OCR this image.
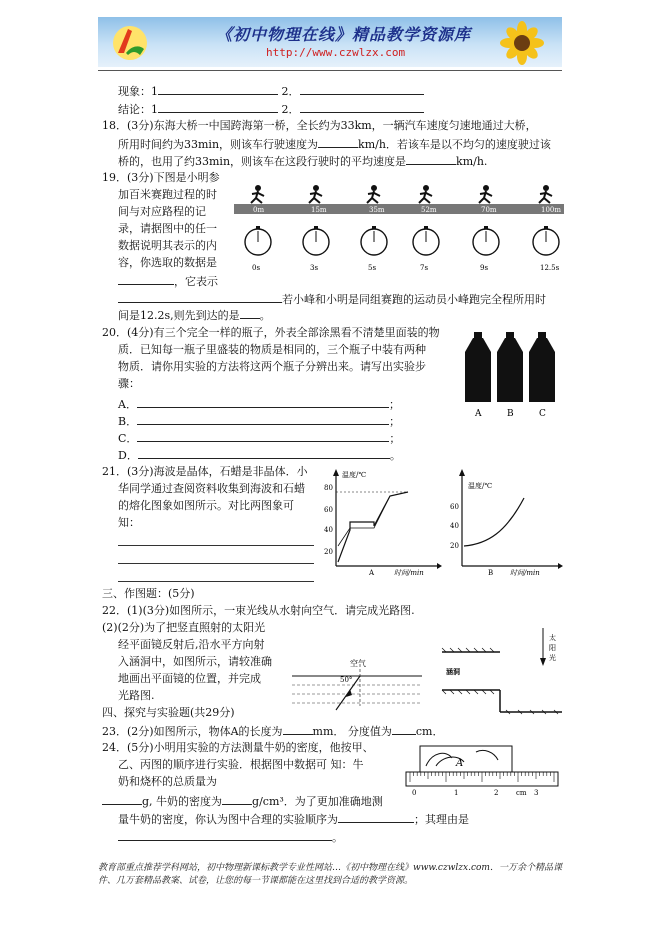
《初中物理在线》精品教学资源库
http://www.czwlzx.com
现象：1	2．
结论：1	2．
18．(3分)东海大桥一中国跨海第一桥，全长约为33km，一辆汽车速度匀速地通过大桥，
所用时间约为33min，则该车行驶速度为	km/h．若该车是以不均匀的速度驶过该
桥的，也用了约33min，则该车在这段行驶时的平均速度是	km/h.
19．(3分)下图是小明参
加百米赛跑过程的时
间与对应路程的记
录，请据图中的任一
数据说明其表示的内
容，你选取的数据是
，它表示
若小峰和小明是同组赛跑的运动员小峰跑完全程所用时
间是12.2s,则先到达的是 。
0m
0s
15m
3s
35m
5s
52m
7s
70m
9s
100m
12.5s
20．(4分)有三个完全一样的瓶子，外表全部涂黑看不清楚里面装的物
质．已知每一瓶子里盛装的物质是相同的，三个瓶子中装有两种
物质．请你用实验的方法将这两个瓶子分辨出来。请写出实验步
骤：
A．	；
B．	；
C．	；
D．	。
A	B	C
21．(3分)海波是晶体，石蜡是非晶体．小
华同学通过查阅资料收集到海波和石蜡
的熔化图象如图所示。对比两图象可
知：
温度/℃
时间/min
A
20
40
60
80	温度/℃
时间/min
B
20
40
60
三、作图题：(5分)
22．(1)(3分)如图所示，一束光线从水射向空气．请完成光路图.
(2)(2分)为了把竖直照射的太阳光
经平面镜反射后,沿水平方向射
入涵洞中，如图所示，请较准确
地画出平面镜的位置，并完成
光路图.
空气
50°
太
阳
光
涵洞
四、探究与实验题(共29分)
23．(2分)如图所示，物体A的长度为	mm． 分度值为 cm．
24．(5分)小明用实验的方法测量牛奶的密度，他按甲、
乙、丙图的顺序进行实验．根据图中数据可 知：牛
奶和烧杯的总质量为
g, 牛奶的密度为	g/cm³．为了更加准确地测
量牛奶的密度，你认为图中合理的实验顺序为	；其理由是
。
A
0	1	2	cm 3
教育部重点推荐学科网站，初中物理新课标教学专业性网站…《初中物理在线》www.czwlzx.com．一万余个精品课件、几万套精品教案、试卷，让您的每一节课都能在这里找到合适的教学资源。
